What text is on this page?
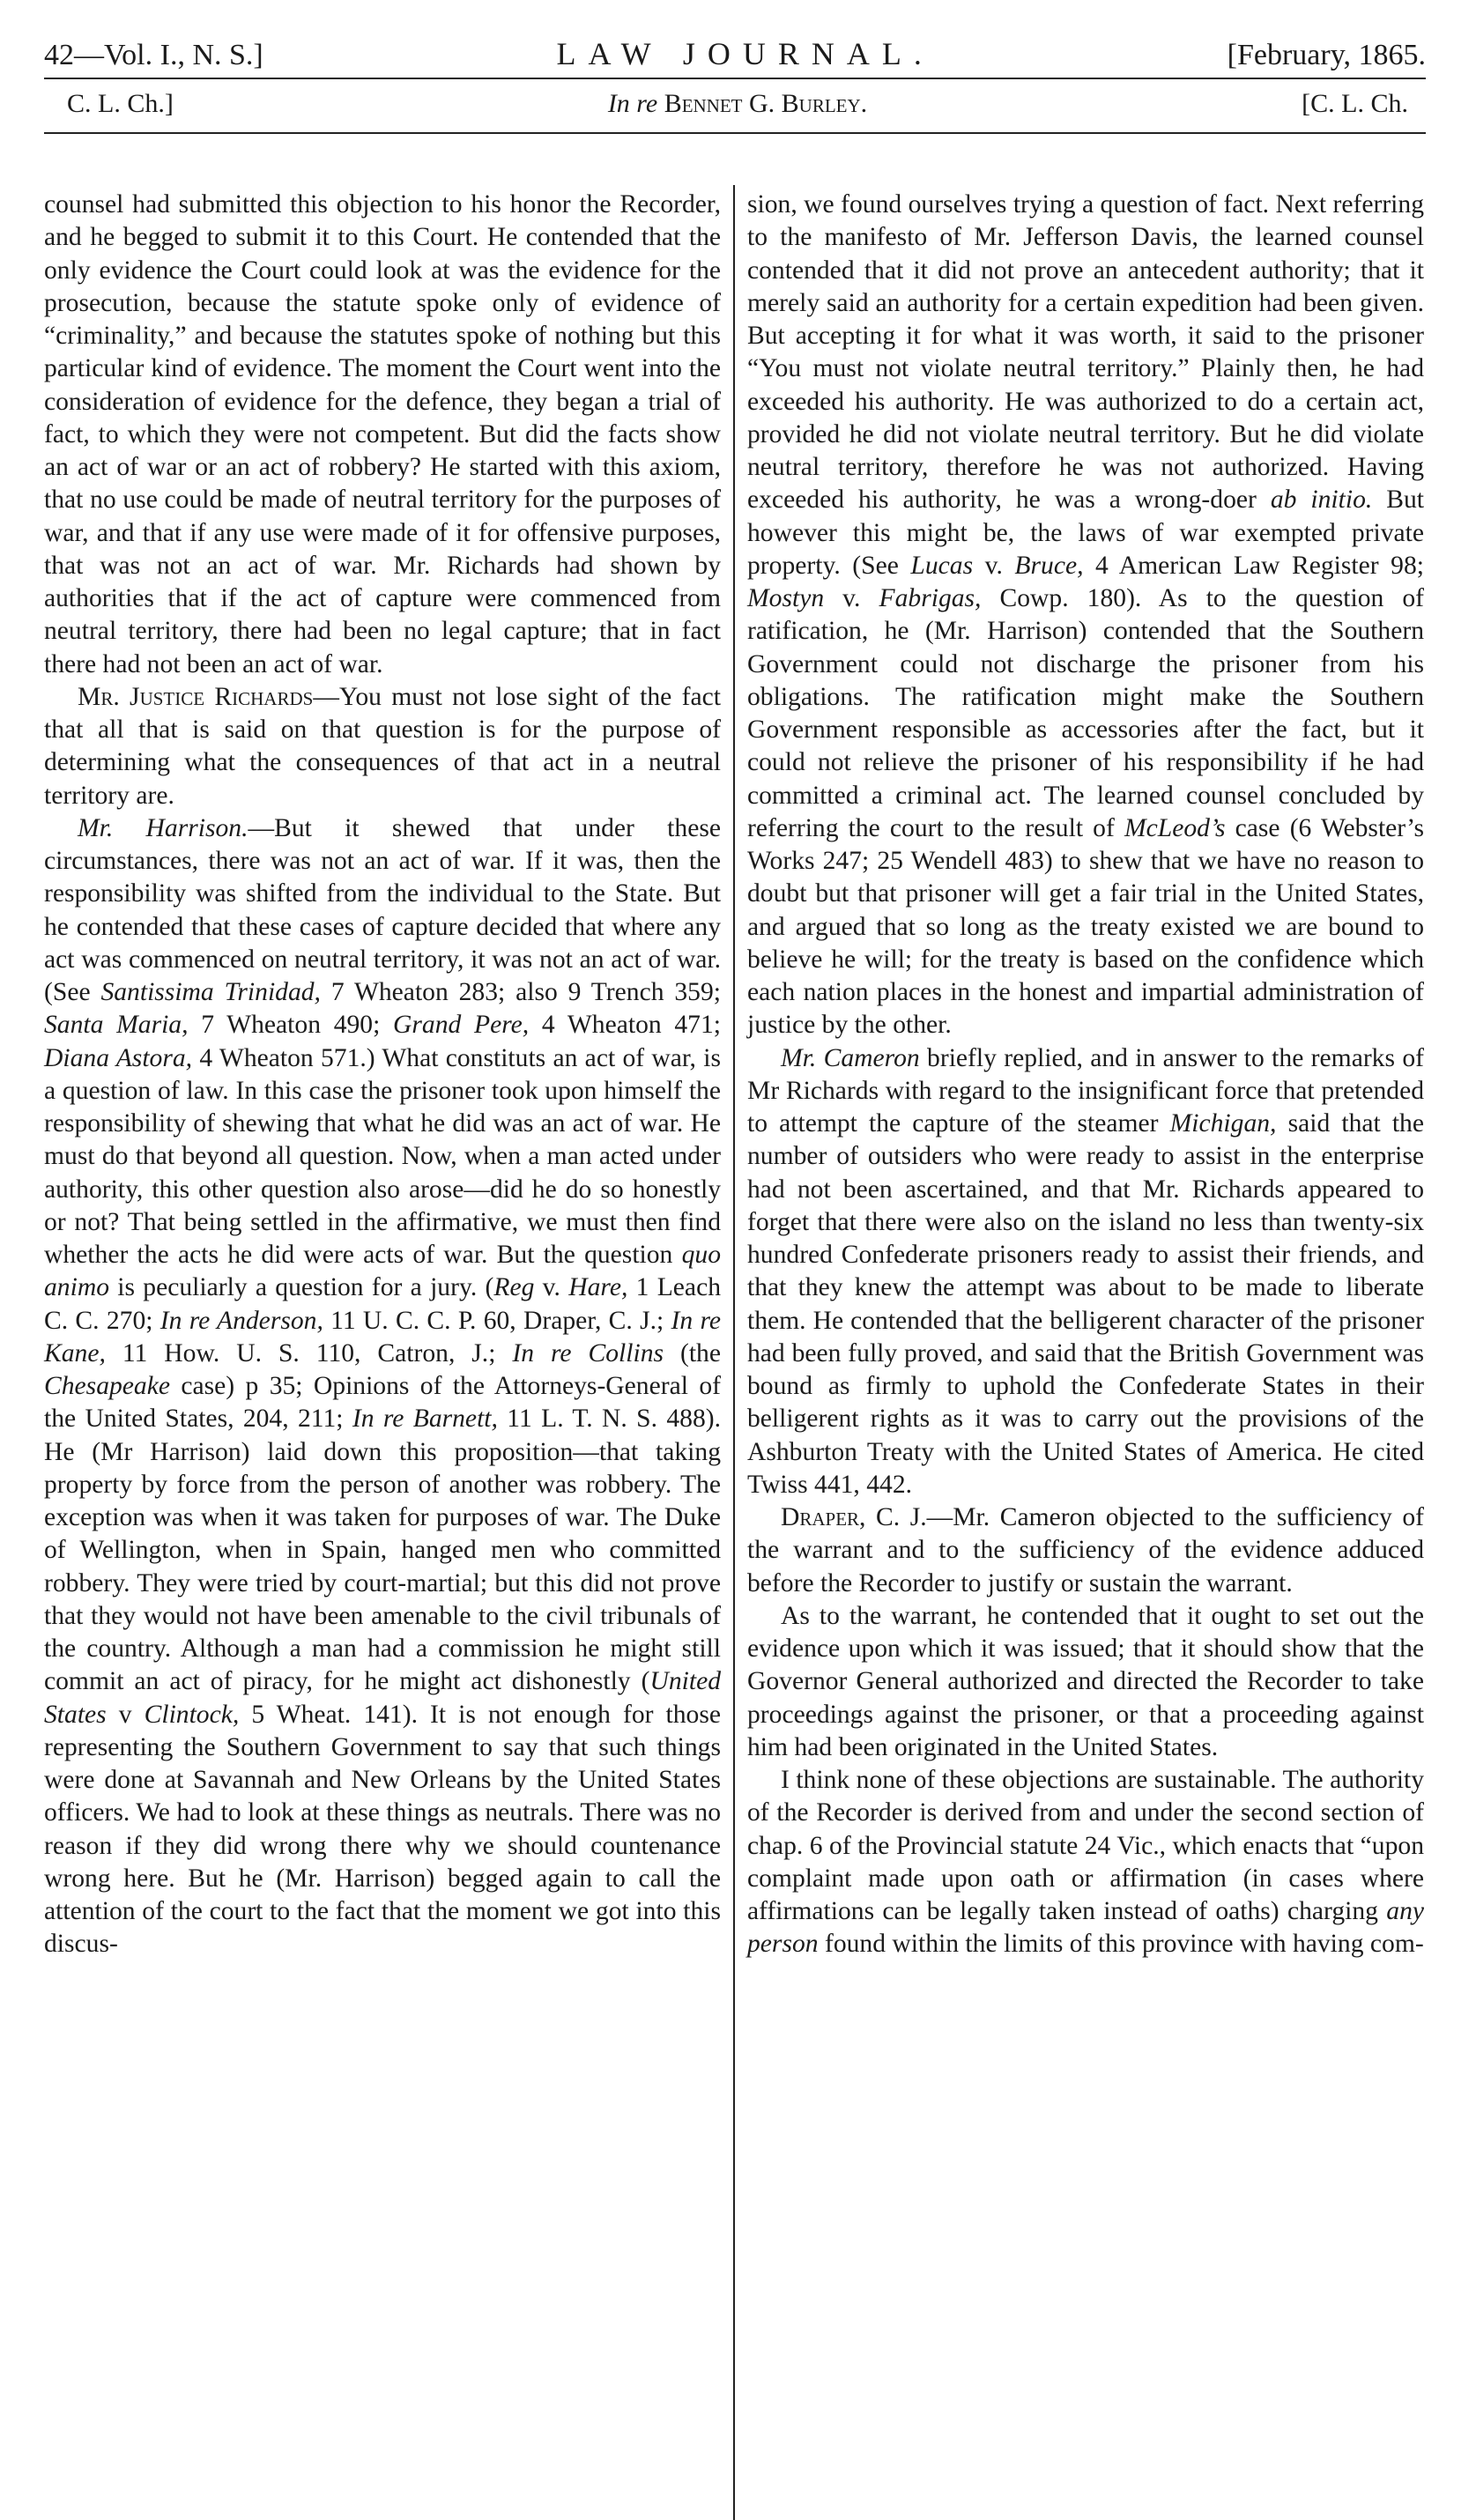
42—Vol. I., N. S.]	LAW JOURNAL.	[February, 1865.
C. L. Ch.]	In re Bennet G. Burley.	[C. L. Ch.

counsel had submitted this objection to his honor the Recorder, and he begged to submit it to this Court. He contended that the only evidence the Court could look at was the evidence for the prosecution, because the statute spoke only of evidence of “criminality,” and because the statutes spoke of nothing but this particular kind of evidence. The moment the Court went into the consideration of evidence for the defence, they began a trial of fact, to which they were not competent. But did the facts show an act of war or an act of robbery? He started with this axiom, that no use could be made of neutral territory for the purposes of war, and that if any use were made of it for offensive purposes, that was not an act of war. Mr. Richards had shown by authorities that if the act of capture were commenced from neutral territory, there had been no legal capture; that in fact there had not been an act of war.

Mr. Justice Richards—You must not lose sight of the fact that all that is said on that question is for the purpose of determining what the consequences of that act in a neutral territory are.

Mr. Harrison.—But it shewed that under these circumstances, there was not an act of war. If it was, then the responsibility was shifted from the individual to the State. But he contended that these cases of capture decided that where any act was commenced on neutral territory, it was not an act of war. (See Santissima Trinidad, 7 Wheaton 283; also 9 Trench 359; Santa Maria, 7 Wheaton 490; Grand Pere, 4 Wheaton 471; Diana Astora, 4 Wheaton 571.) What constituts an act of war, is a question of law. In this case the prisoner took upon himself the responsibility of shewing that what he did was an act of war. He must do that beyond all question. Now, when a man acted under authority, this other question also arose—did he do so honestly or not? That being settled in the affirmative, we must then find whether the acts he did were acts of war. But the question quo animo is peculiarly a question for a jury. (Reg v. Hare, 1 Leach C. C. 270; In re Anderson, 11 U. C. C. P. 60, Draper, C. J.; In re Kane, 11 How. U. S. 110, Catron, J.; In re Collins (the Chesapeake case) p 35; Opinions of the Attorneys-General of the United States, 204, 211; In re Barnett, 11 L. T. N. S. 488). He (Mr Harrison) laid down this proposition—that taking property by force from the person of another was robbery. The exception was when it was taken for purposes of war. The Duke of Wellington, when in Spain, hanged men who committed robbery. They were tried by court-martial; but this did not prove that they would not have been amenable to the civil tribunals of the country. Although a man had a commission he might still commit an act of piracy, for he might act dishonestly (United States v Clintock, 5 Wheat. 141). It is not enough for those representing the Southern Government to say that such things were done at Savannah and New Orleans by the United States officers. We had to look at these things as neutrals. There was no reason if they did wrong there why we should countenance wrong here. But he (Mr. Harrison) begged again to call the attention of the court to the fact that the moment we got into this discus-

sion, we found ourselves trying a question of fact. Next referring to the manifesto of Mr. Jefferson Davis, the learned counsel contended that it did not prove an antecedent authority; that it merely said an authority for a certain expedition had been given. But accepting it for what it was worth, it said to the prisoner “You must not violate neutral territory.” Plainly then, he had exceeded his authority. He was authorized to do a certain act, provided he did not violate neutral territory. But he did violate neutral territory, therefore he was not authorized. Having exceeded his authority, he was a wrong-doer ab initio. But however this might be, the laws of war exempted private property. (See Lucas v. Bruce, 4 American Law Register 98; Mostyn v. Fabrigas, Cowp. 180). As to the question of ratification, he (Mr. Harrison) contended that the Southern Government could not discharge the prisoner from his obligations. The ratification might make the Southern Government responsible as accessories after the fact, but it could not relieve the prisoner of his responsibility if he had committed a criminal act. The learned counsel concluded by referring the court to the result of McLeod’s case (6 Webster’s Works 247; 25 Wendell 483) to shew that we have no reason to doubt but that prisoner will get a fair trial in the United States, and argued that so long as the treaty existed we are bound to believe he will; for the treaty is based on the confidence which each nation places in the honest and impartial administration of justice by the other.

Mr. Cameron briefly replied, and in answer to the remarks of Mr Richards with regard to the insignificant force that pretended to attempt the capture of the steamer Michigan, said that the number of outsiders who were ready to assist in the enterprise had not been ascertained, and that Mr. Richards appeared to forget that there were also on the island no less than twenty-six hundred Confederate prisoners ready to assist their friends, and that they knew the attempt was about to be made to liberate them. He contended that the belligerent character of the prisoner had been fully proved, and said that the British Government was bound as firmly to uphold the Confederate States in their belligerent rights as it was to carry out the provisions of the Ashburton Treaty with the United States of America. He cited Twiss 441, 442.

Draper, C. J.—Mr. Cameron objected to the sufficiency of the warrant and to the sufficiency of the evidence adduced before the Recorder to justify or sustain the warrant.

As to the warrant, he contended that it ought to set out the evidence upon which it was issued; that it should show that the Governor General authorized and directed the Recorder to take proceedings against the prisoner, or that a proceeding against him had been originated in the United States.

I think none of these objections are sustainable. The authority of the Recorder is derived from and under the second section of chap. 6 of the Provincial statute 24 Vic., which enacts that “upon complaint made upon oath or affirmation (in cases where affirmations can be legally taken instead of oaths) charging any person found within the limits of this province with having com-
